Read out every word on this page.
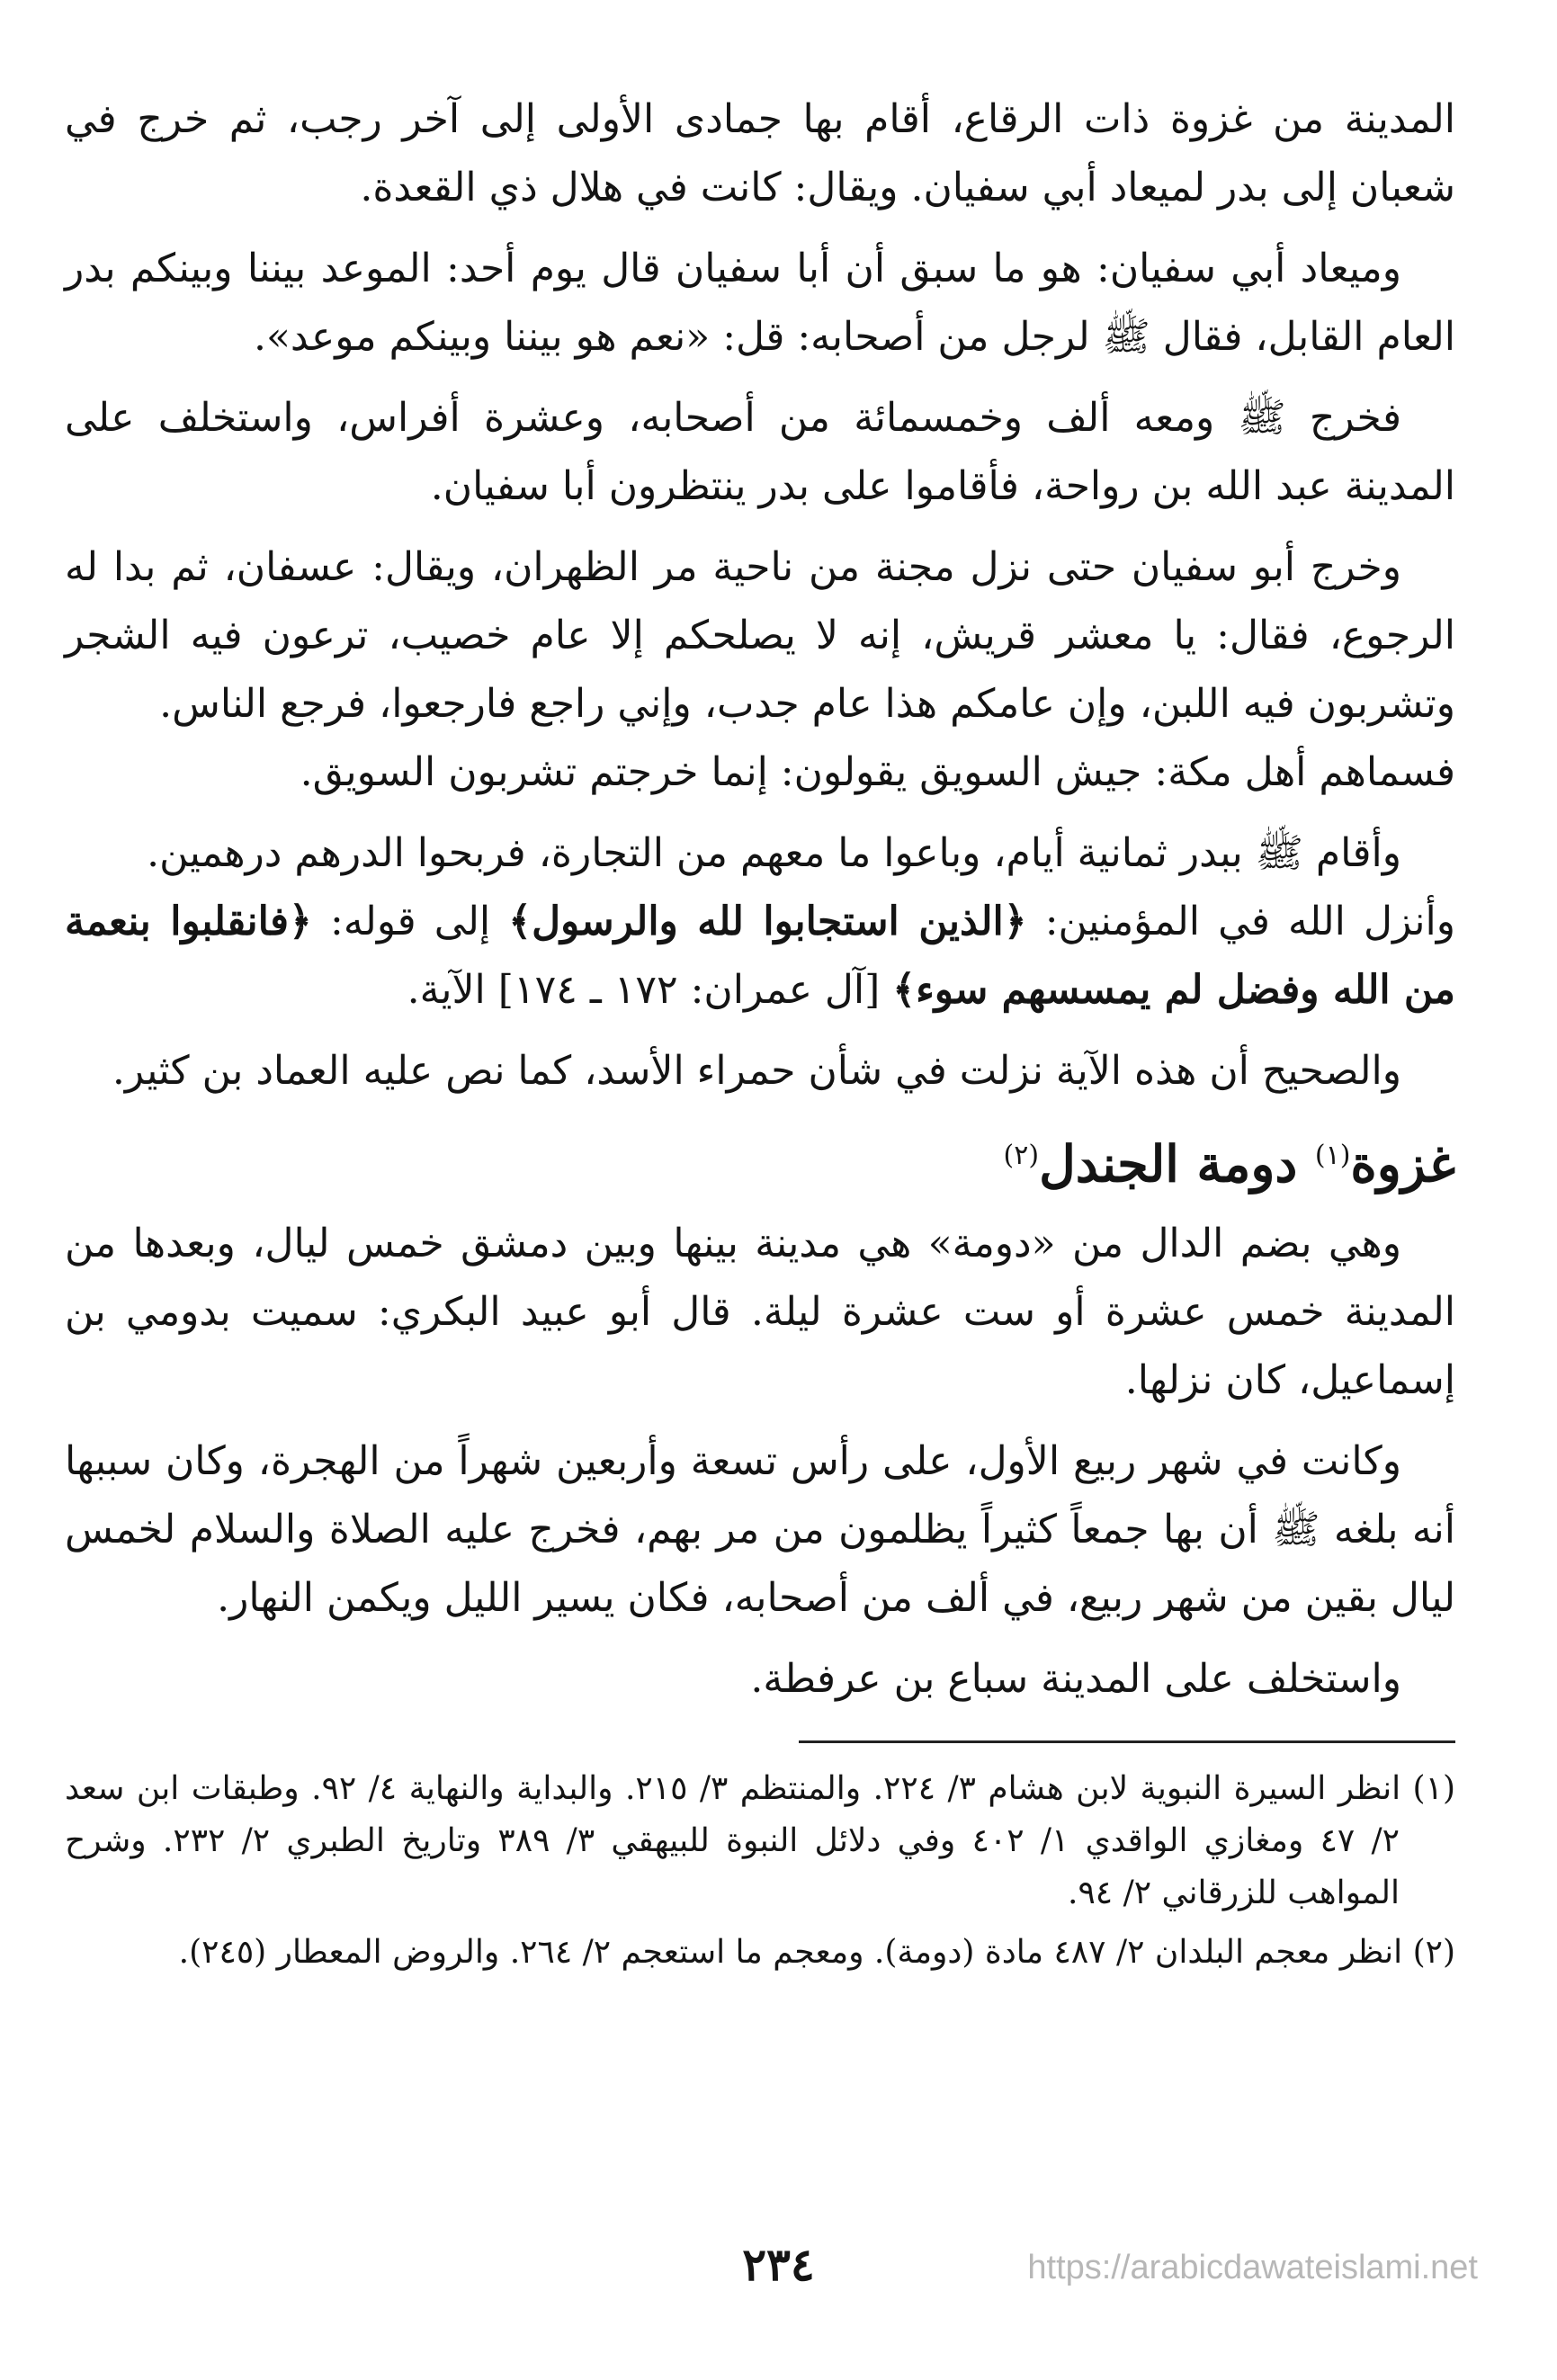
المدينة من غزوة ذات الرقاع، أقام بها جمادى الأولى إلى آخر رجب، ثم خرج في شعبان إلى بدر لميعاد أبي سفيان. ويقال: كانت في هلال ذي القعدة.

وميعاد أبي سفيان: هو ما سبق أن أبا سفيان قال يوم أحد: الموعد بيننا وبينكم بدر العام القابل، فقال ﷺ لرجل من أصحابه: قل: «نعم هو بيننا وبينكم موعد».

فخرج ﷺ ومعه ألف وخمسمائة من أصحابه، وعشرة أفراس، واستخلف على المدينة عبد الله بن رواحة، فأقاموا على بدر ينتظرون أبا سفيان.

وخرج أبو سفيان حتى نزل مجنة من ناحية مر الظهران، ويقال: عسفان، ثم بدا له الرجوع، فقال: يا معشر قريش، إنه لا يصلحكم إلا عام خصيب، ترعون فيه الشجر وتشربون فيه اللبن، وإن عامكم هذا عام جدب، وإني راجع فارجعوا، فرجع الناس.

فسماهم أهل مكة: جيش السويق يقولون: إنما خرجتم تشربون السويق.

وأقام ﷺ ببدر ثمانية أيام، وباعوا ما معهم من التجارة، فربحوا الدرهم درهمين.

وأنزل الله في المؤمنين: ﴿الذين استجابوا لله والرسول﴾ إلى قوله: ﴿فانقلبوا بنعمة من الله وفضل لم يمسسهم سوء﴾ [آل عمران: ١٧٢ ـ ١٧٤] الآية.

والصحيح أن هذه الآية نزلت في شأن حمراء الأسد، كما نص عليه العماد بن كثير.

غزوة$^{(١)}$ دومة الجندل$^{(٢)}$

وهي بضم الدال من «دومة» هي مدينة بينها وبين دمشق خمس ليال، وبعدها من المدينة خمس عشرة أو ست عشرة ليلة. قال أبو عبيد البكري: سميت بدومي بن إسماعيل، كان نزلها.

وكانت في شهر ربيع الأول، على رأس تسعة وأربعين شهراً من الهجرة، وكان سببها أنه بلغه ﷺ أن بها جمعاً كثيراً يظلمون من مر بهم، فخرج عليه الصلاة والسلام لخمس ليال بقين من شهر ربيع، في ألف من أصحابه، فكان يسير الليل ويكمن النهار.

واستخلف على المدينة سباع بن عرفطة.

(١) انظر السيرة النبوية لابن هشام ٣/ ٢٢٤. والمنتظم ٣/ ٢١٥. والبداية والنهاية ٤/ ٩٢. وطبقات ابن سعد ٢/ ٤٧ ومغازي الواقدي ١/ ٤٠٢ وفي دلائل النبوة للبيهقي ٣/ ٣٨٩ وتاريخ الطبري ٢/ ٢٣٢. وشرح المواهب للزرقاني ٢/ ٩٤.

(٢) انظر معجم البلدان ٢/ ٤٨٧ مادة (دومة). ومعجم ما استعجم ٢/ ٢٦٤. والروض المعطار (٢٤٥).

٢٣٤	https://arabicdawateislami.net
